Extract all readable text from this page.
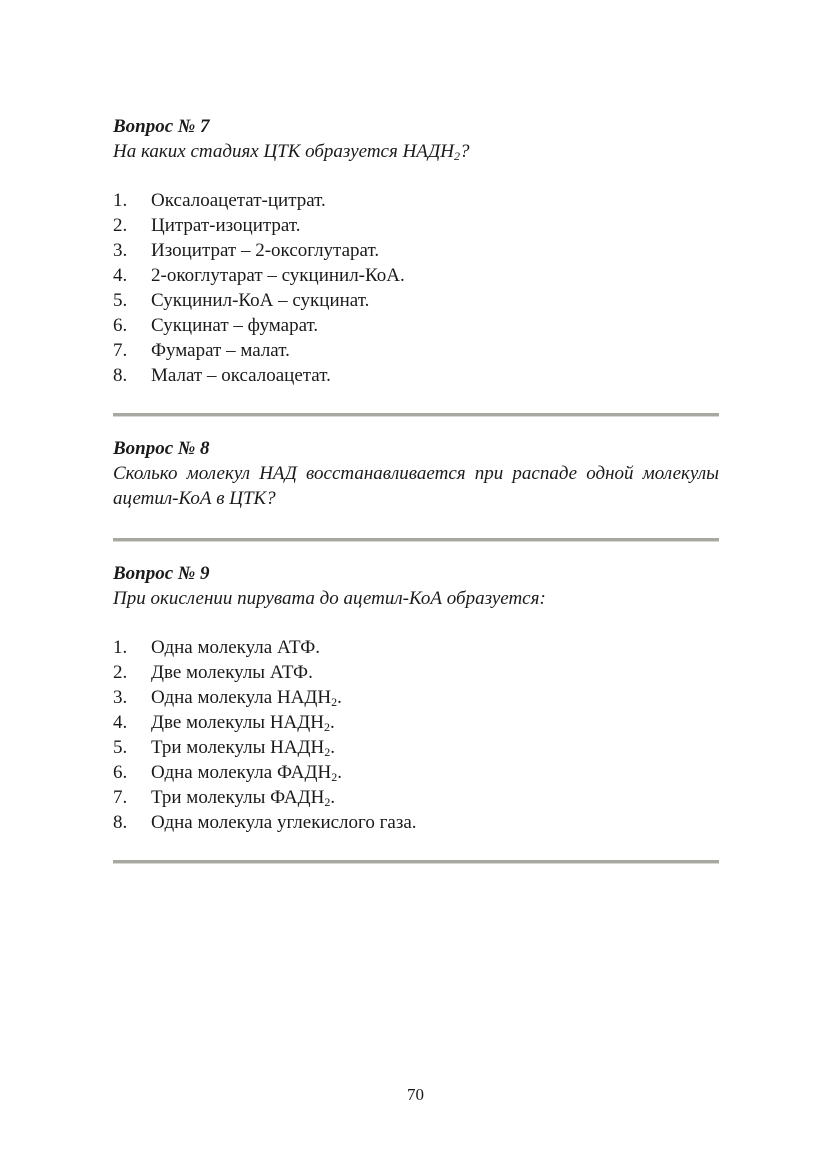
Вопрос № 7

На каких стадиях ЦТК образуется $НАДН_2$?

1.	Оксалоацетат-цитрат.
2.	Цитрат-изоцитрат.
3.	Изоцитрат – 2-оксоглутарат.
4.	2-окоглутарат – сукцинил-КоА.
5.	Сукцинил-КоА – сукцинат.
6.	Сукцинат – фумарат.
7.	Фумарат – малат.
8.	Малат – оксалоацетат.

Вопрос № 8

Сколько молекул НАД восстанавливается при распаде одной молекулы ацетил-КоА в ЦТК?

Вопрос № 9

При окислении пирувата до ацетил-КоА образуется:

1.	Одна молекула АТФ.
2.	Две молекулы АТФ.
3.	Одна молекула $НАДН_2$.
4.	Две молекулы $НАДН_2$.
5.	Три молекулы $НАДН_2$.
6.	Одна молекула $ФАДН_2$.
7.	Три молекулы $ФАДН_2$.
8.	Одна молекула углекислого газа.
70
